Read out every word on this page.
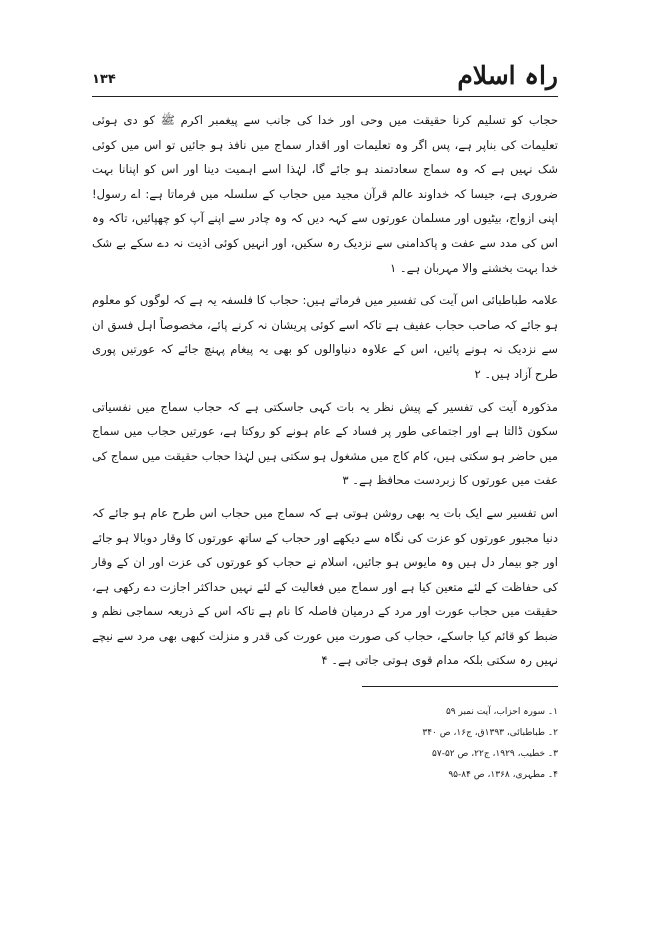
۱۳۴	راہ اسلام

حجاب کو تسلیم کرنا حقیقت میں وحی اور خدا کی جانب سے پیغمبر اکرم ﷺ کو دی ہوئی تعلیمات کی بناپر ہے، پس اگر وہ تعلیمات اور اقدار سماج میں نافذ ہو جائیں تو اس میں کوئی شک نہیں ہے کہ وہ سماج سعادتمند ہو جائے گا، لہٰذا اسے اہمیت دینا اور اس کو اپنانا بہت ضروری ہے، جیسا کہ خداوند عالم قرآن مجید میں حجاب کے سلسلہ میں فرماتا ہے: اے رسول! اپنی ازواج، بیٹیوں اور مسلمان عورتوں سے کہہ دیں کہ وہ چادر سے اپنے آپ کو چھپائیں، تاکہ وہ اس کی مدد سے عفت و پاکدامنی سے نزدیک رہ سکیں، اور انہیں کوئی اذیت نہ دے سکے بے شک خدا بہت بخشنے والا مہربان ہے۔ ۱

علامہ طباطبائی اس آیت کی تفسیر میں فرماتے ہیں: حجاب کا فلسفہ یہ ہے کہ لوگوں کو معلوم ہو جائے کہ صاحب حجاب عفیف ہے تاکہ اسے کوئی پریشان نہ کرنے پائے، مخصوصاً اہل فسق ان سے نزدیک نہ ہونے پائیں، اس کے علاوہ دنیاوالوں کو بھی یہ پیغام پہنچ جائے کہ عورتیں پوری طرح آزاد ہیں۔ ۲

مذکورہ آیت کی تفسیر کے پیش نظر یہ بات کہی جاسکتی ہے کہ حجاب سماج میں نفسیاتی سکون ڈالتا ہے اور اجتماعی طور پر فساد کے عام ہونے کو روکتا ہے، عورتیں حجاب میں سماج میں حاضر ہو سکتی ہیں، کام کاج میں مشغول ہو سکتی ہیں لہٰذا حجاب حقیقت میں سماج کی عفت میں عورتوں کا زبردست محافظ ہے۔ ۳

اس تفسیر سے ایک بات یہ بھی روشن ہوتی ہے کہ سماج میں حجاب اس طرح عام ہو جائے کہ دنیا مجبور عورتوں کو عزت کی نگاہ سے دیکھے اور حجاب کے ساتھ عورتوں کا وقار دوبالا ہو جائے اور جو بیمار دل ہیں وہ مایوس ہو جائیں، اسلام نے حجاب کو عورتوں کی عزت اور ان کے وقار کی حفاظت کے لئے متعین کیا ہے اور سماج میں فعالیت کے لئے نہیں حداکثر اجازت دے رکھی ہے، حقیقت میں حجاب عورت اور مرد کے درمیان فاصلہ کا نام ہے تاکہ اس کے ذریعہ سماجی نظم و ضبط کو قائم کیا جاسکے، حجاب کی صورت میں عورت کی قدر و منزلت کبھی بھی مرد سے نیچے نہیں رہ سکتی بلکہ مدام قوی ہوتی جاتی ہے۔ ۴

۱۔ سورہ احزاب، آیت نمبر ۵۹
۲۔ طباطبائی، ۱۳۹۳ق، ج۱۶، ص ۳۴۰
۳۔ خطیب، ۱۹۲۹، ج۲۲، ص ۵۲-۵۷
۴۔ مطہری، ۱۳۶۸، ص ۸۴-۹۵
